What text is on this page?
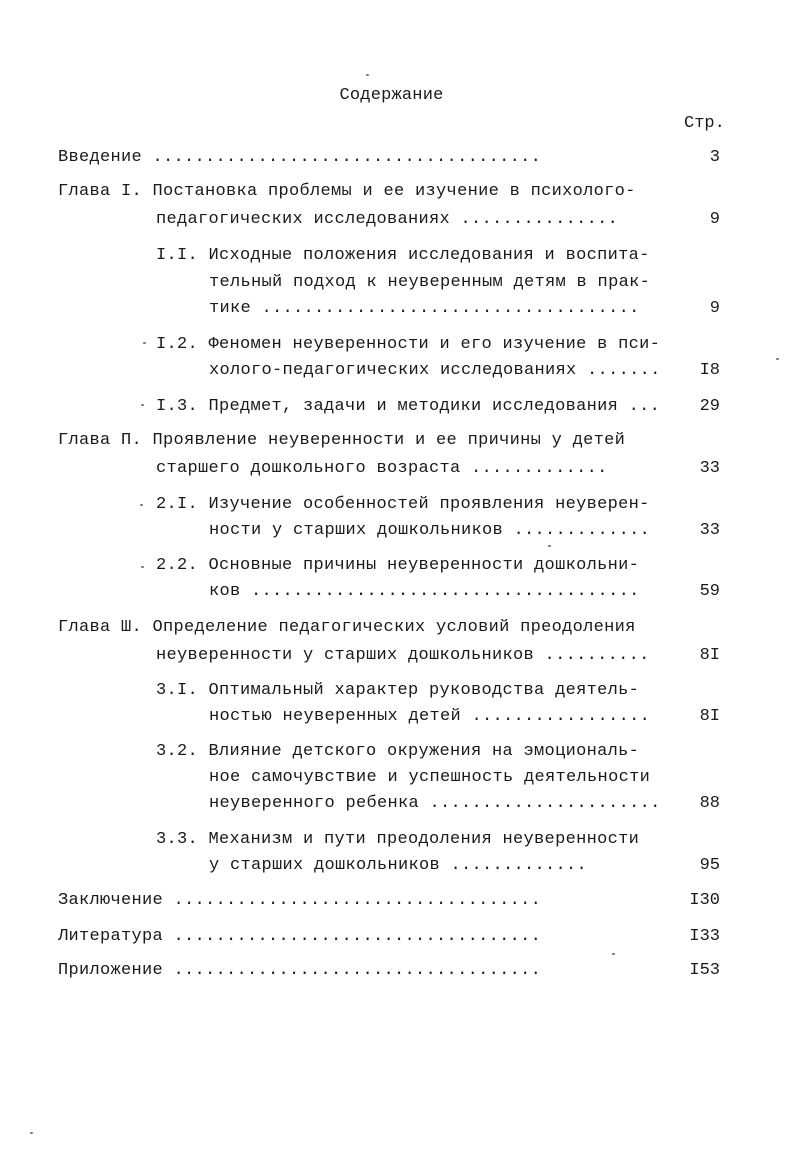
Содержание
Стр.
Введение .....................................	3
Глава I. Постановка проблемы и ее изучение в психолого-
педагогических исследованиях ...............	9
I.I. Исходные положения исследования и воспита-
тельный подход к неуверенным детям в прак-
тике ....................................	9
I.2. Феномен неуверенности и его изучение в пси-
холого-педагогических исследованиях .......	I8
I.3. Предмет, задачи и методики исследования ...	29
Глава П. Проявление неуверенности и ее причины у детей
старшего дошкольного возраста .............	33
2.I. Изучение особенностей проявления неуверен-
ности у старших дошкольников .............	33
2.2. Основные причины неуверенности дошкольни-
ков .....................................	59
Глава Ш. Определение педагогических условий преодоления
неуверенности у старших дошкольников ..........	8I
3.I. Оптимальный характер руководства деятель-
ностью неуверенных детей .................	8I
3.2. Влияние детского окружения на эмоциональ-
ное самочувствие и успешность деятельности
неуверенного ребенка ......................	88
3.3. Механизм и пути преодоления неуверенности
у старших дошкольников .............	95
Заключение ...................................	I30
Литература ...................................	I33
Приложение ...................................	I53
